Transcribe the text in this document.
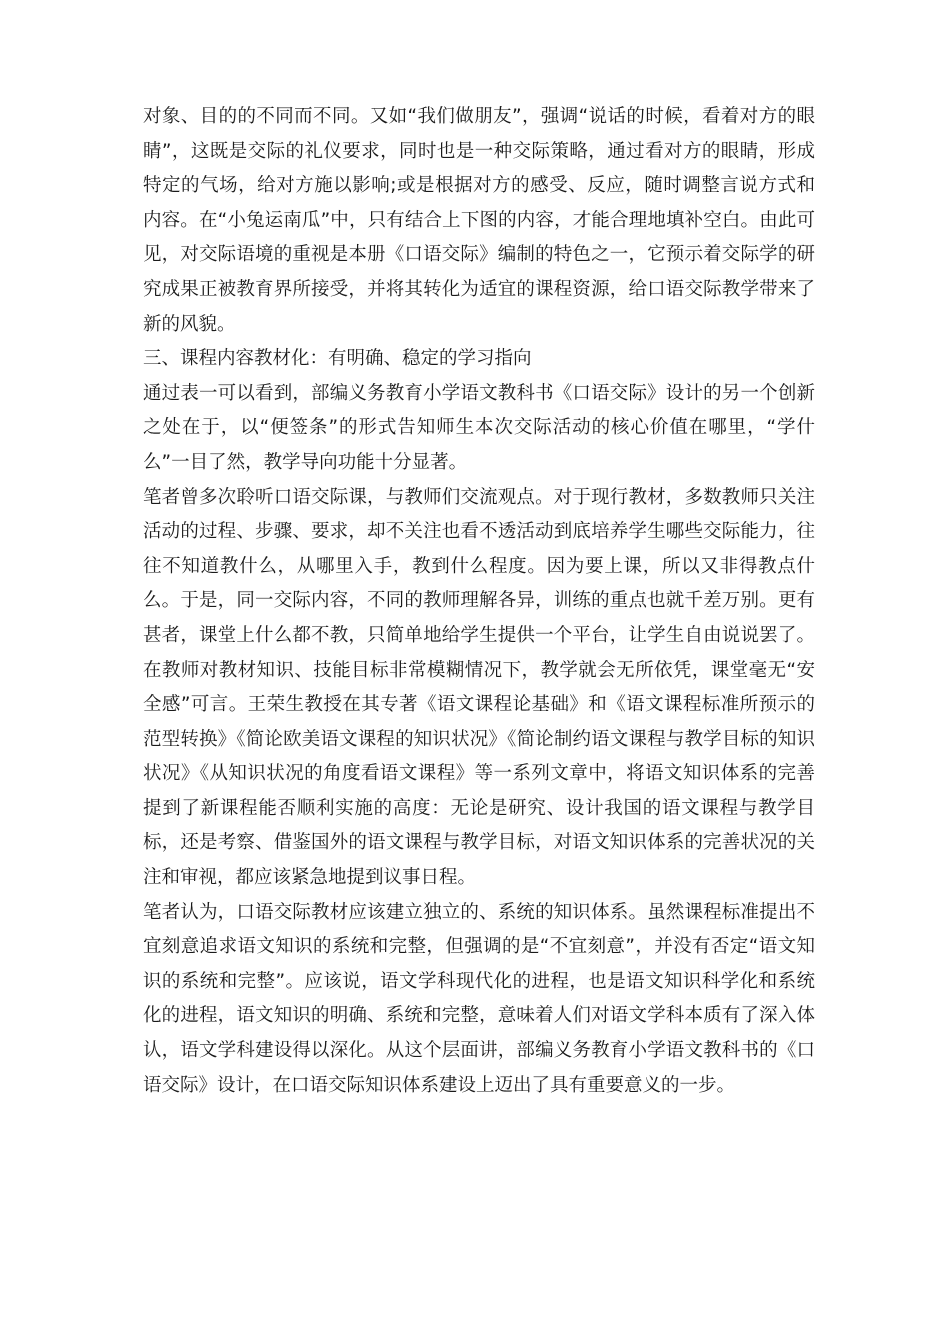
对象、目的的不同而不同。又如“我们做朋友”，强调“说话的时候，看着对方的眼睛”，这既是交际的礼仪要求，同时也是一种交际策略，通过看对方的眼睛，形成特定的气场，给对方施以影响;或是根据对方的感受、反应，随时调整言说方式和内容。在“小兔运南瓜”中，只有结合上下图的内容，才能合理地填补空白。由此可见，对交际语境的重视是本册《口语交际》编制的特色之一，它预示着交际学的研究成果正被教育界所接受，并将其转化为适宜的课程资源，给口语交际教学带来了新的风貌。

三、课程内容教材化：有明确、稳定的学习指向

通过表一可以看到，部编义务教育小学语文教科书《口语交际》设计的另一个创新之处在于，以“便签条”的形式告知师生本次交际活动的核心价值在哪里，“学什么”一目了然，教学导向功能十分显著。

笔者曾多次聆听口语交际课，与教师们交流观点。对于现行教材，多数教师只关注活动的过程、步骤、要求，却不关注也看不透活动到底培养学生哪些交际能力，往往不知道教什么，从哪里入手，教到什么程度。因为要上课，所以又非得教点什么。于是，同一交际内容，不同的教师理解各异，训练的重点也就千差万别。更有甚者，课堂上什么都不教，只简单地给学生提供一个平台，让学生自由说说罢了。在教师对教材知识、技能目标非常模糊情况下，教学就会无所依凭，课堂毫无“安全感”可言。王荣生教授在其专著《语文课程论基础》和《语文课程标准所预示的范型转换》《简论欧美语文课程的知识状况》《简论制约语文课程与教学目标的知识状况》《从知识状况的角度看语文课程》等一系列文章中，将语文知识体系的完善提到了新课程能否顺利实施的高度：无论是研究、设计我国的语文课程与教学目标，还是考察、借鉴国外的语文课程与教学目标，对语文知识体系的完善状况的关注和审视，都应该紧急地提到议事日程。

笔者认为，口语交际教材应该建立独立的、系统的知识体系。虽然课程标准提出不宜刻意追求语文知识的系统和完整，但强调的是“不宜刻意”，并没有否定“语文知识的系统和完整”。应该说，语文学科现代化的进程，也是语文知识科学化和系统化的进程，语文知识的明确、系统和完整，意味着人们对语文学科本质有了深入体认，语文学科建设得以深化。从这个层面讲，部编义务教育小学语文教科书的《口语交际》设计，在口语交际知识体系建设上迈出了具有重要意义的一步。
